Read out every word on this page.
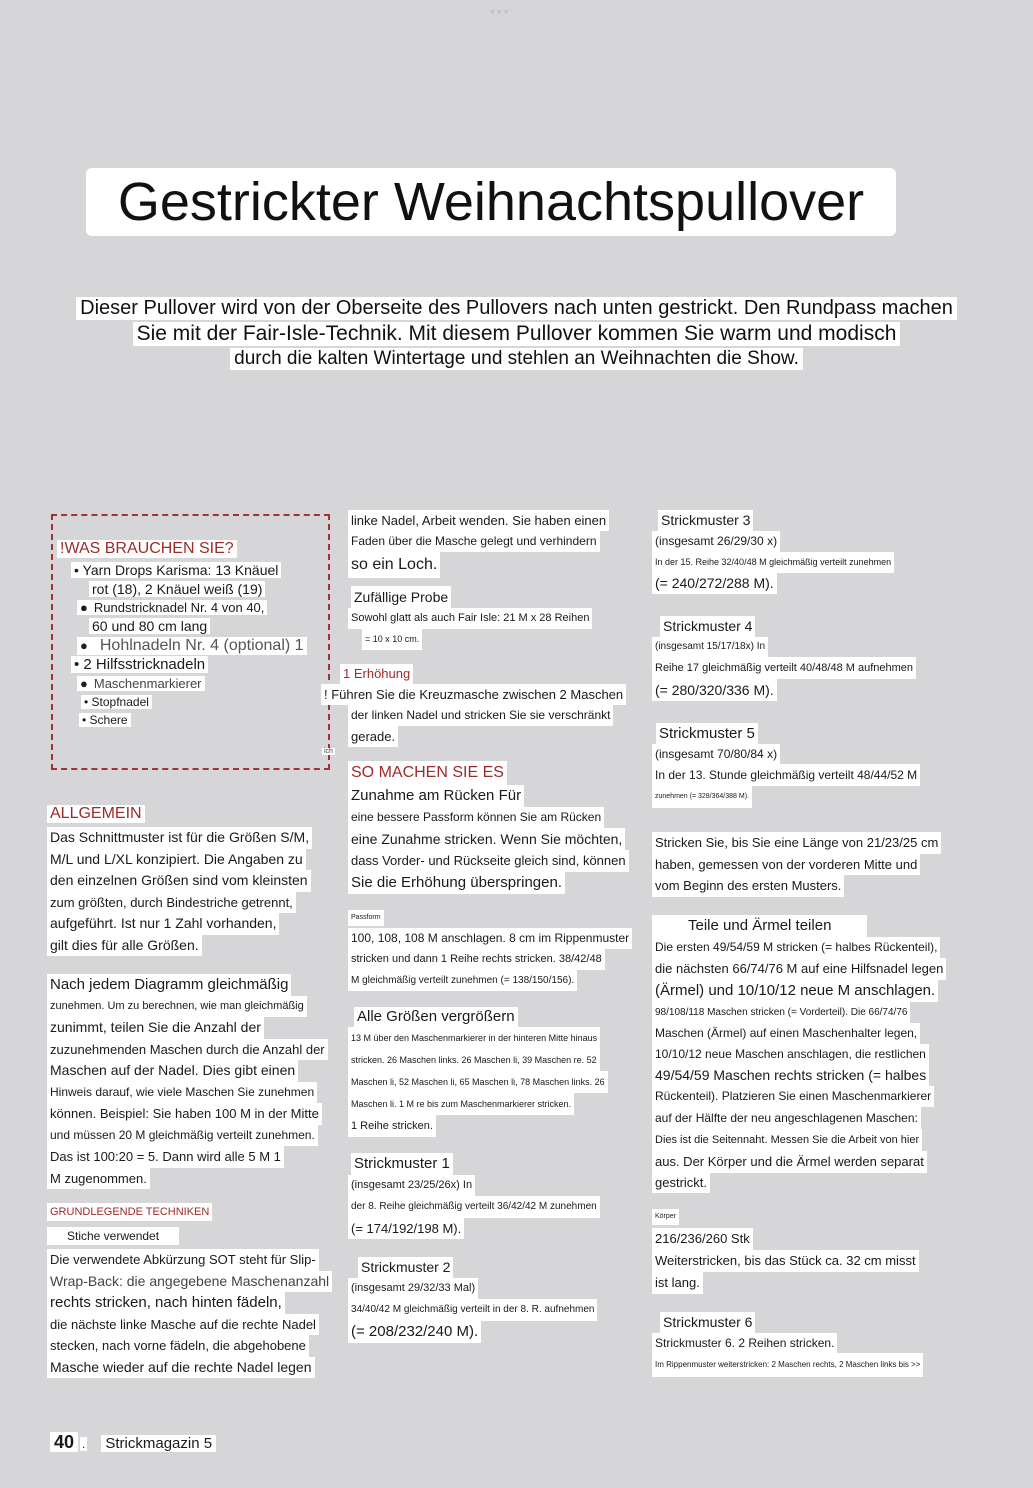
•••
Gestrickter Weihnachtspullover
Dieser Pullover wird von der Oberseite des Pullovers nach unten gestrickt. Den Rundpass machen
Sie mit der Fair-Isle-Technik. Mit diesem Pullover kommen Sie warm und modisch
durch die kalten Wintertage und stehlen an Weihnachten die Show.
!WAS BRAUCHEN SIE?
• Yarn Drops Karisma: 13 Knäuel
rot (18), 2 Knäuel weiß (19)
● Rundstricknadel Nr. 4 von 40,
60 und 80 cm lang
● Hohlnadeln Nr. 4 (optional) 1
• 2 Hilfsstricknadeln
● Maschenmarkierer
• Stopfnadel
• Schere
ich
ALLGEMEIN
Das Schnittmuster ist für die Größen S/M,
M/L und L/XL konzipiert. Die Angaben zu
den einzelnen Größen sind vom kleinsten
zum größten, durch Bindestriche getrennt,
aufgeführt. Ist nur 1 Zahl vorhanden,
gilt dies für alle Größen.
Nach jedem Diagramm gleichmäßig
zunehmen. Um zu berechnen, wie man gleichmäßig
zunimmt, teilen Sie die Anzahl der
zuzunehmenden Maschen durch die Anzahl der
Maschen auf der Nadel. Dies gibt einen
Hinweis darauf, wie viele Maschen Sie zunehmen
können. Beispiel: Sie haben 100 M in der Mitte
und müssen 20 M gleichmäßig verteilt zunehmen.
Das ist 100:20 = 5. Dann wird alle 5 M 1
M zugenommen.
GRUNDLEGENDE TECHNIKEN
Stiche verwendet
Die verwendete Abkürzung SOT steht für Slip-
Wrap-Back: die angegebene Maschenanzahl
rechts stricken, nach hinten fädeln,
die nächste linke Masche auf die rechte Nadel
stecken, nach vorne fädeln, die abgehobene
Masche wieder auf die rechte Nadel legen
linke Nadel, Arbeit wenden. Sie haben einen
Faden über die Masche gelegt und verhindern
so ein Loch.
Zufällige Probe
Sowohl glatt als auch Fair Isle: 21 M x 28 Reihen
= 10 x 10 cm.
1 Erhöhung
! Führen Sie die Kreuzmasche zwischen 2 Maschen
der linken Nadel und stricken Sie sie verschränkt
gerade.
SO MACHEN SIE ES
Zunahme am Rücken Für
eine bessere Passform können Sie am Rücken
eine Zunahme stricken. Wenn Sie möchten,
dass Vorder- und Rückseite gleich sind, können
Sie die Erhöhung überspringen.
Passform
100, 108, 108 M anschlagen. 8 cm im Rippenmuster
stricken und dann 1 Reihe rechts stricken. 38/42/48
M gleichmäßig verteilt zunehmen (= 138/150/156).
Alle Größen vergrößern
13 M über den Maschenmarkierer in der hinteren Mitte hinaus
stricken. 26 Maschen links. 26 Maschen li, 39 Maschen re. 52
Maschen li, 52 Maschen li, 65 Maschen li, 78 Maschen links. 26
Maschen li. 1 M re bis zum Maschenmarkierer stricken.
1 Reihe stricken.
Strickmuster 1
(insgesamt 23/25/26x) In
der 8. Reihe gleichmäßig verteilt 36/42/42 M zunehmen
(= 174/192/198 M).
Strickmuster 2
(insgesamt 29/32/33 Mal)
34/40/42 M gleichmäßig verteilt in der 8. R. aufnehmen
(= 208/232/240 M).
Strickmuster 3
(insgesamt 26/29/30 x)
In der 15. Reihe 32/40/48 M gleichmäßig verteilt zunehmen
(= 240/272/288 M).
Strickmuster 4
(insgesamt 15/17/18x) In
Reihe 17 gleichmäßig verteilt 40/48/48 M aufnehmen
(= 280/320/336 M).
Strickmuster 5
(insgesamt 70/80/84 x)
In der 13. Stunde gleichmäßig verteilt 48/44/52 M
zunehmen (= 328/364/388 M).
Stricken Sie, bis Sie eine Länge von 21/23/25 cm
haben, gemessen von der vorderen Mitte und
vom Beginn des ersten Musters.
Teile und Ärmel teilen
Die ersten 49/54/59 M stricken (= halbes Rückenteil),
die nächsten 66/74/76 M auf eine Hilfsnadel legen
(Ärmel) und 10/10/12 neue M anschlagen.
98/108/118 Maschen stricken (= Vorderteil). Die 66/74/76
Maschen (Ärmel) auf einen Maschenhalter legen,
10/10/12 neue Maschen anschlagen, die restlichen
49/54/59 Maschen rechts stricken (= halbes
Rückenteil). Platzieren Sie einen Maschenmarkierer
auf der Hälfte der neu angeschlagenen Maschen:
Dies ist die Seitennaht. Messen Sie die Arbeit von hier
aus. Der Körper und die Ärmel werden separat
gestrickt.
Körper
216/236/260 Stk
Weiterstricken, bis das Stück ca. 32 cm misst
ist lang.
Strickmuster 6
Strickmuster 6. 2 Reihen stricken.
Im Rippenmuster weiterstricken: 2 Maschen rechts, 2 Maschen links bis >>
40 . Strickmagazin 5
